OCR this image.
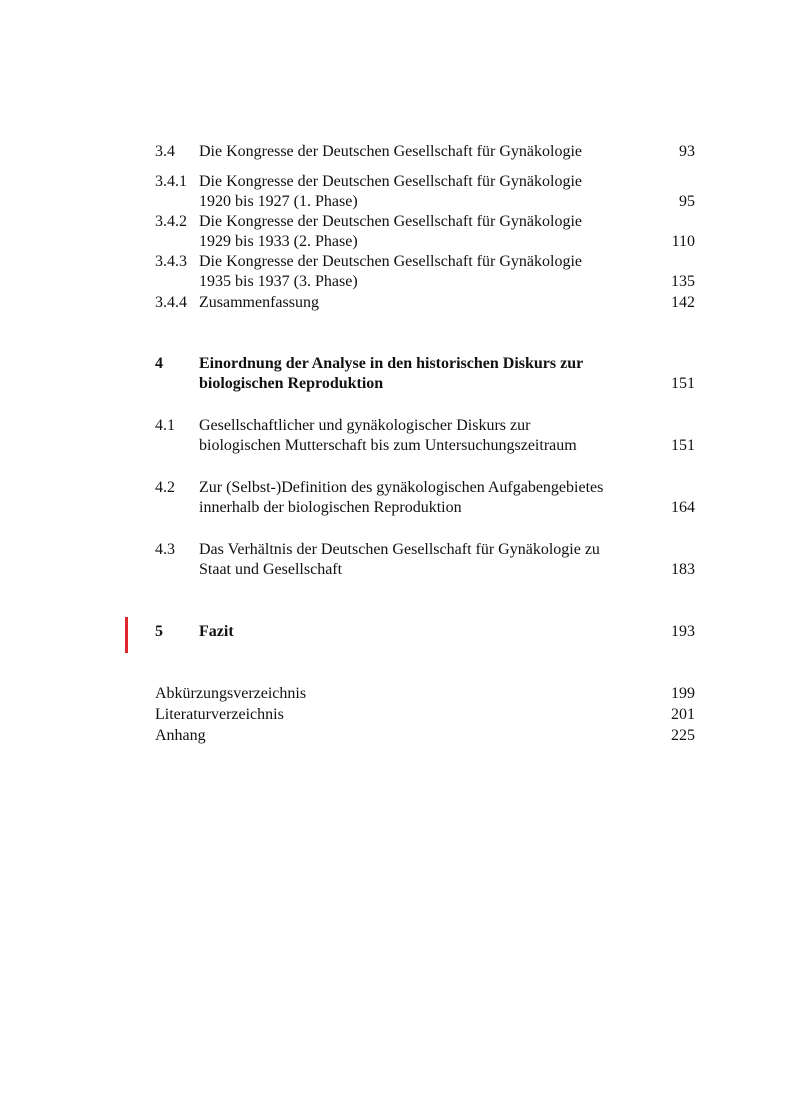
3.4 Die Kongresse der Deutschen Gesellschaft für Gynäkologie	93
3.4.1 Die Kongresse der Deutschen Gesellschaft für Gynäkologie
1920 bis 1927 (1. Phase)	95
3.4.2 Die Kongresse der Deutschen Gesellschaft für Gynäkologie
1929 bis 1933 (2. Phase)	110
3.4.3 Die Kongresse der Deutschen Gesellschaft für Gynäkologie
1935 bis 1937 (3. Phase)	135
3.4.4 Zusammenfassung	142
4 Einordnung der Analyse in den historischen Diskurs zur
biologischen Reproduktion	151
4.1 Gesellschaftlicher und gynäkologischer Diskurs zur
biologischen Mutterschaft bis zum Untersuchungszeitraum	151
4.2 Zur (Selbst-)Definition des gynäkologischen Aufgabengebietes
innerhalb der biologischen Reproduktion	164
4.3 Das Verhältnis der Deutschen Gesellschaft für Gynäkologie zu
Staat und Gesellschaft	183
5 Fazit	193
Abkürzungsverzeichnis	199
Literaturverzeichnis	201
Anhang	225
